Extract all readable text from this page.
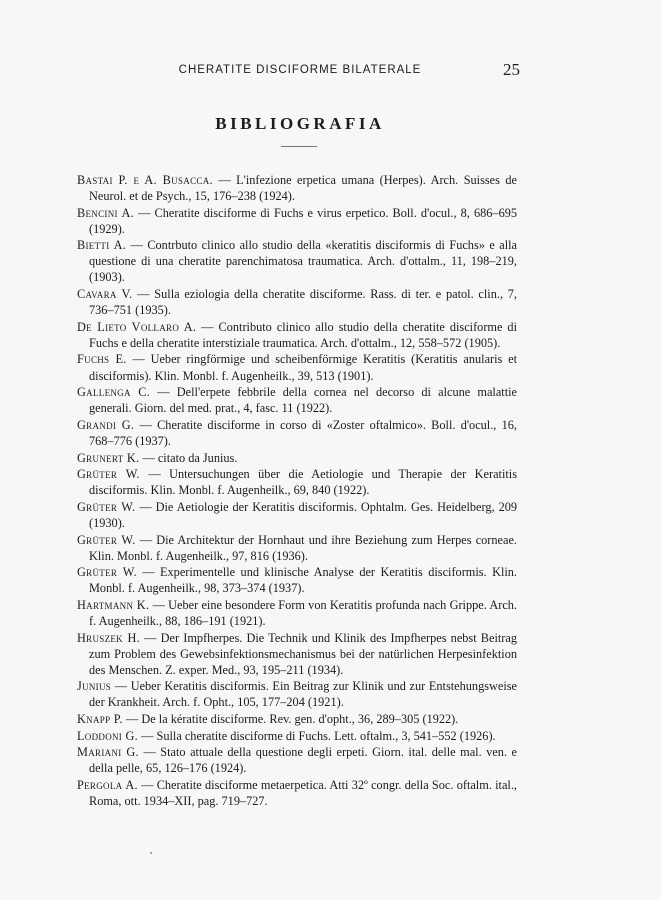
CHERATITE DISCIFORME BILATERALE	25
BIBLIOGRAFIA

Bastai P. e A. Busacca. — L'infezione erpetica umana (Herpes). Arch. Suisses de Neurol. et de Psych., 15, 176–238 (1924).

Bencini A. — Cheratite disciforme di Fuchs e virus erpetico. Boll. d'ocul., 8, 686–695 (1929).

Bietti A. — Contrbuto clinico allo studio della «keratitis disciformis di Fuchs» e alla questione di una cheratite parenchimatosa traumatica. Arch. d'ottalm., 11, 198–219, (1903).

Cavara V. — Sulla eziologia della cheratite disciforme. Rass. di ter. e patol. clin., 7, 736–751 (1935).

De Lieto Vollaro A. — Contributo clinico allo studio della cheratite disciforme di Fuchs e della cheratite interstiziale traumatica. Arch. d'ottalm., 12, 558–572 (1905).

Fuchs E. — Ueber ringförmige und scheibenförmige Keratitis (Keratitis anularis et disciformis). Klin. Monbl. f. Augenheilk., 39, 513 (1901).

Gallenga C. — Dell'erpete febbrile della cornea nel decorso di alcune malattie generali. Giorn. del med. prat., 4, fasc. 11 (1922).

Grandi G. — Cheratite disciforme in corso di «Zoster oftalmico». Boll. d'ocul., 16, 768–776 (1937).

Grunert K. — citato da Junius.

Grüter W. — Untersuchungen über die Aetiologie und Therapie der Keratitis disciformis. Klin. Monbl. f. Augenheilk., 69, 840 (1922).

Grüter W. — Die Aetiologie der Keratitis disciformis. Ophtalm. Ges. Heidelberg, 209 (1930).

Grüter W. — Die Architektur der Hornhaut und ihre Beziehung zum Herpes corneae. Klin. Monbl. f. Augenheilk., 97, 816 (1936).

Grüter W. — Experimentelle und klinische Analyse der Keratitis disciformis. Klin. Monbl. f. Augenheilk., 98, 373–374 (1937).

Hartmann K. — Ueber eine besondere Form von Keratitis profunda nach Grippe. Arch. f. Augenheilk., 88, 186–191 (1921).

Hruszek H. — Der Impfherpes. Die Technik und Klinik des Impfherpes nebst Beitrag zum Problem des Gewebsinfektionsmechanismus bei der natürlichen Herpesinfektion des Menschen. Z. exper. Med., 93, 195–211 (1934).

Junius — Ueber Keratitis disciformis. Ein Beitrag zur Klinik und zur Entstehungsweise der Krankheit. Arch. f. Opht., 105, 177–204 (1921).

Knapp P. — De la kératite disciforme. Rev. gen. d'opht., 36, 289–305 (1922).

Loddoni G. — Sulla cheratite disciforme di Fuchs. Lett. oftalm., 3, 541–552 (1926).

Mariani G. — Stato attuale della questione degli erpeti. Giorn. ital. delle mal. ven. e della pelle, 65, 126–176 (1924).

Pergola A. — Cheratite disciforme metaerpetica. Atti 32º congr. della Soc. oftalm. ital., Roma, ott. 1934–XII, pag. 719–727.
